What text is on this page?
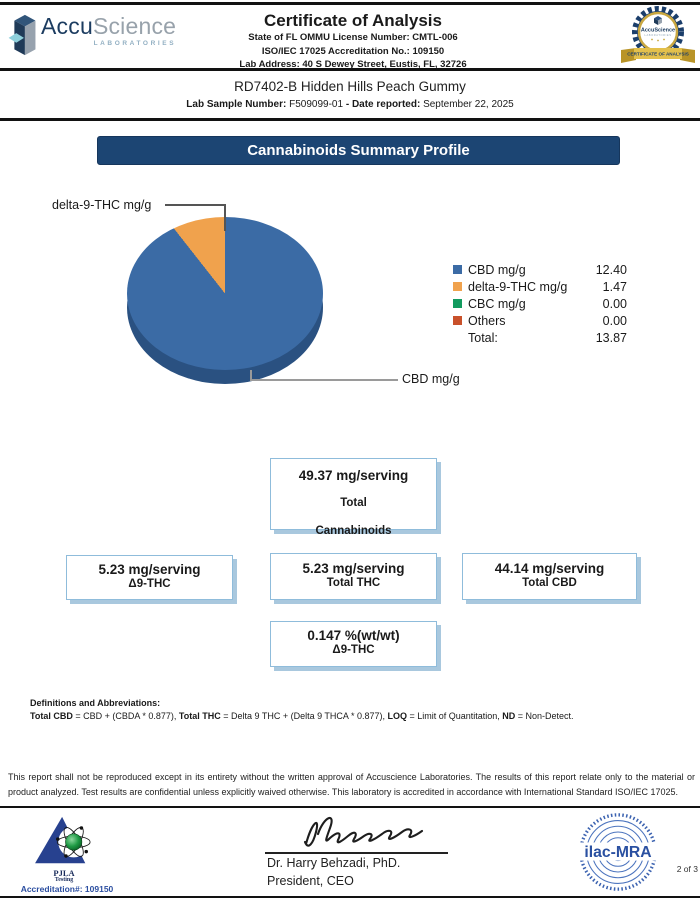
AccuScience
LABORATORIES
Certificate of Analysis
State of FL OMMU License Number: CMTL-006
ISO/IEC 17025 Accreditation No.: 109150
Lab Address: 40 S Dewey Street, Eustis, FL, 32726
AccuScience
LABORATORIES
CERTIFICATE OF ANALYSIS
RD7402-B Hidden Hills Peach Gummy
Lab Sample Number: F509099-01 - Date reported: September 22, 2025
Cannabinoids Summary Profile
delta-9-THC mg/g
CBD mg/g
CBD mg/g	12.40
delta-9-THC mg/g	1.47
CBC mg/g	0.00
Others	0.00
Total:	13.87
49.37 mg/serving
Total
Cannabinoids
5.23 mg/serving
Δ9-THC
5.23 mg/serving
Total THC
44.14 mg/serving
Total CBD
0.147 %(wt/wt)
Δ9-THC
Definitions and Abbreviations:
Total CBD = CBD + (CBDA * 0.877), Total THC = Delta 9 THC + (Delta 9 THCA * 0.877), LOQ = Limit of Quantitation, ND = Non-Detect.
This report shall not be reproduced except in its entirety without the written approval of Accuscience Laboratories. The results of this report relate only to the material or product analyzed. Test results are confidential unless explicitly waived otherwise. This laboratory is accredited in accordance with International Standard ISO/IEC 17025.
PJLA
Testing
Accreditation#: 109150
Dr. Harry Behzadi, PhD.
President, CEO
ilac-MRA
2 of 3
